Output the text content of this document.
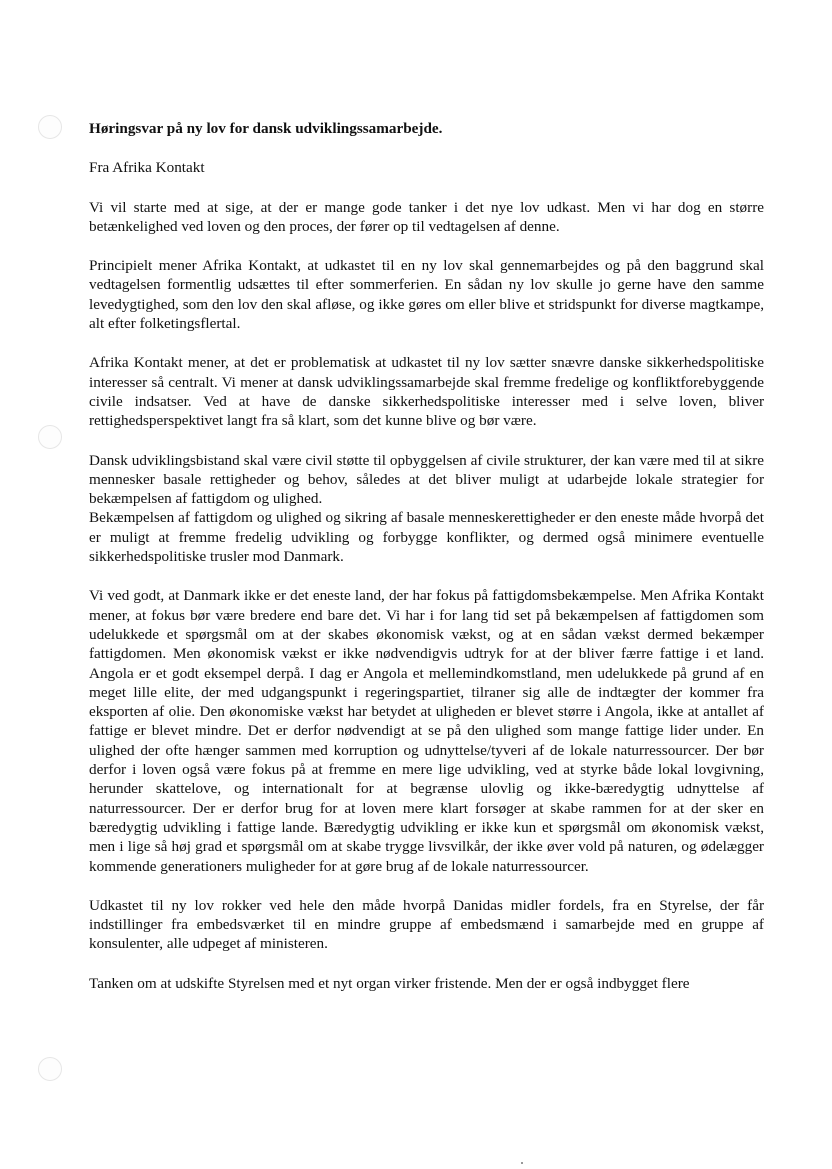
Høringsvar på ny lov for dansk udviklingssamarbejde.
Fra Afrika Kontakt
Vi vil starte med at sige, at der er mange gode tanker i det nye lov udkast. Men vi har dog en større betænkelighed ved loven og den proces, der fører op til vedtagelsen af denne.
Principielt mener Afrika Kontakt, at udkastet til en ny lov skal gennemarbejdes og på den baggrund skal vedtagelsen formentlig udsættes til efter sommerferien. En sådan ny lov skulle jo gerne have den samme levedygtighed, som den lov den skal afløse, og ikke gøres om eller blive et stridspunkt for diverse magtkampe, alt efter folketingsflertal.
Afrika Kontakt mener, at det er problematisk at udkastet til ny lov sætter snævre danske sikkerhedspolitiske interesser så centralt. Vi mener at dansk udviklingssamarbejde skal fremme fredelige og konfliktforebyggende civile indsatser. Ved at have de danske sikkerhedspolitiske interesser med i selve loven, bliver rettighedsperspektivet langt fra så klart, som det kunne blive og bør være.
Dansk udviklingsbistand skal være civil støtte til opbyggelsen af civile strukturer, der kan være med til at sikre mennesker basale rettigheder og behov, således at det bliver muligt at udarbejde lokale strategier for bekæmpelsen af fattigdom og ulighed.
Bekæmpelsen af fattigdom og ulighed og sikring af basale menneskerettigheder er den eneste måde hvorpå det er muligt at fremme fredelig udvikling og forbygge konflikter, og dermed også minimere eventuelle sikkerhedspolitiske trusler mod Danmark.
Vi ved godt, at Danmark ikke er det eneste land, der har fokus på fattigdomsbekæmpelse. Men Afrika Kontakt mener, at fokus bør være bredere end bare det. Vi har i for lang tid set på bekæmpelsen af fattigdomen som udelukkede et spørgsmål om at der skabes økonomisk vækst, og at en sådan vækst dermed bekæmper fattigdomen. Men økonomisk vækst er ikke nødvendigvis udtryk for at der bliver færre fattige i et land. Angola er et godt eksempel derpå. I dag er Angola et mellemindkomstland, men udelukkede på grund af en meget lille elite, der med udgangspunkt i regeringspartiet, tilraner sig alle de indtægter der kommer fra eksporten af olie. Den økonomiske vækst har betydet at uligheden er blevet større i Angola, ikke at antallet af fattige er blevet mindre. Det er derfor nødvendigt at se på den ulighed som mange fattige lider under. En ulighed der ofte hænger sammen med korruption og udnyttelse/tyveri af de lokale naturressourcer. Der bør derfor i loven også være fokus på at fremme en mere lige udvikling, ved at styrke både lokal lovgivning, herunder skattelove, og internationalt for at begrænse ulovlig og ikke-bæredygtig udnyttelse af naturressourcer. Der er derfor brug for at loven mere klart forsøger at skabe rammen for at der sker en bæredygtig udvikling i fattige lande. Bæredygtig udvikling er ikke kun et spørgsmål om økonomisk vækst, men i lige så høj grad et spørgsmål om at skabe trygge livsvilkår, der ikke øver vold på naturen, og ødelægger kommende generationers muligheder for at gøre brug af de lokale naturressourcer.
Udkastet til ny lov rokker ved hele den måde hvorpå Danidas midler fordels, fra en Styrelse, der får indstillinger fra embedsværket til en mindre gruppe af embedsmænd i samarbejde med en gruppe af konsulenter, alle udpeget af ministeren.
Tanken om at udskifte Styrelsen med et nyt organ virker fristende. Men der er også indbygget flere
